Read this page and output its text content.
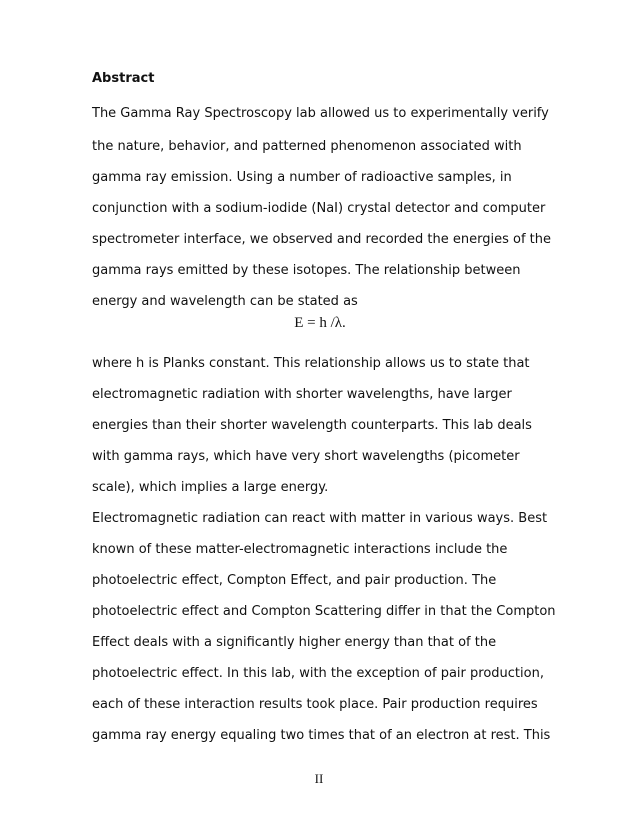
Abstract
The Gamma Ray Spectroscopy lab allowed us to experimentally verify
the nature, behavior, and patterned phenomenon associated with
gamma ray emission. Using a number of radioactive samples, in
conjunction with a sodium-iodide (NaI) crystal detector and computer
spectrometer interface, we observed and recorded the energies of the
gamma rays emitted by these isotopes. The relationship between
energy and wavelength can be stated as
E = h /λ.
where h is Planks constant. This relationship allows us to state that
electromagnetic radiation with shorter wavelengths, have larger
energies than their shorter wavelength counterparts. This lab deals
with gamma rays, which have very short wavelengths (picometer
scale), which implies a large energy.
Electromagnetic radiation can react with matter in various ways. Best
known of these matter-electromagnetic interactions include the
photoelectric effect, Compton Effect, and pair production. The
photoelectric effect and Compton Scattering differ in that the Compton
Effect deals with a significantly higher energy than that of the
photoelectric effect. In this lab, with the exception of pair production,
each of these interaction results took place. Pair production requires
gamma ray energy equaling two times that of an electron at rest. This
II
